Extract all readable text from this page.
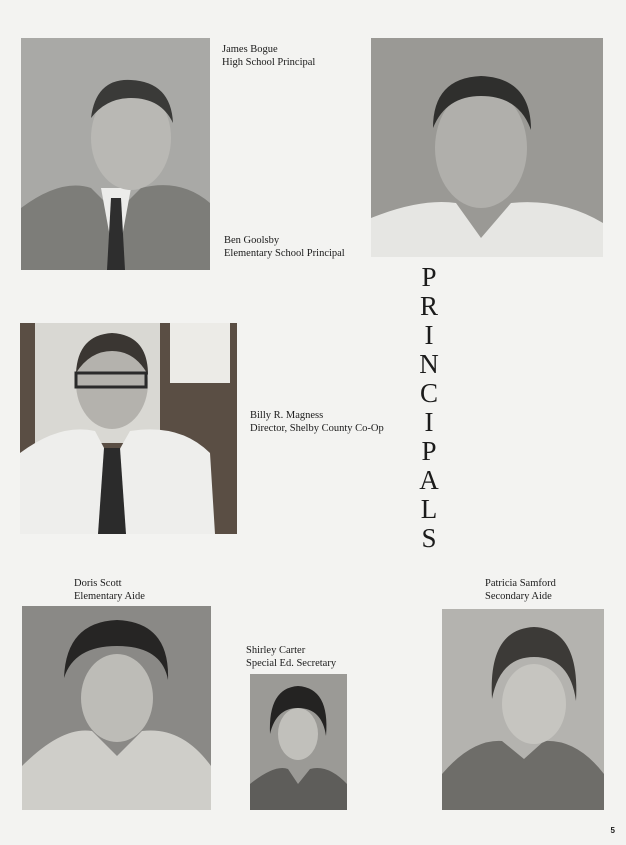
James Bogue
High School Principal
Ben Goolsby
Elementary School Principal
P
R
I
N
C
I
P
A
L
S
Billy R. Magness
Director, Shelby County Co-Op
Doris Scott
Elementary Aide
Shirley Carter
Special Ed. Secretary
Patricia Samford
Secondary Aide
5
